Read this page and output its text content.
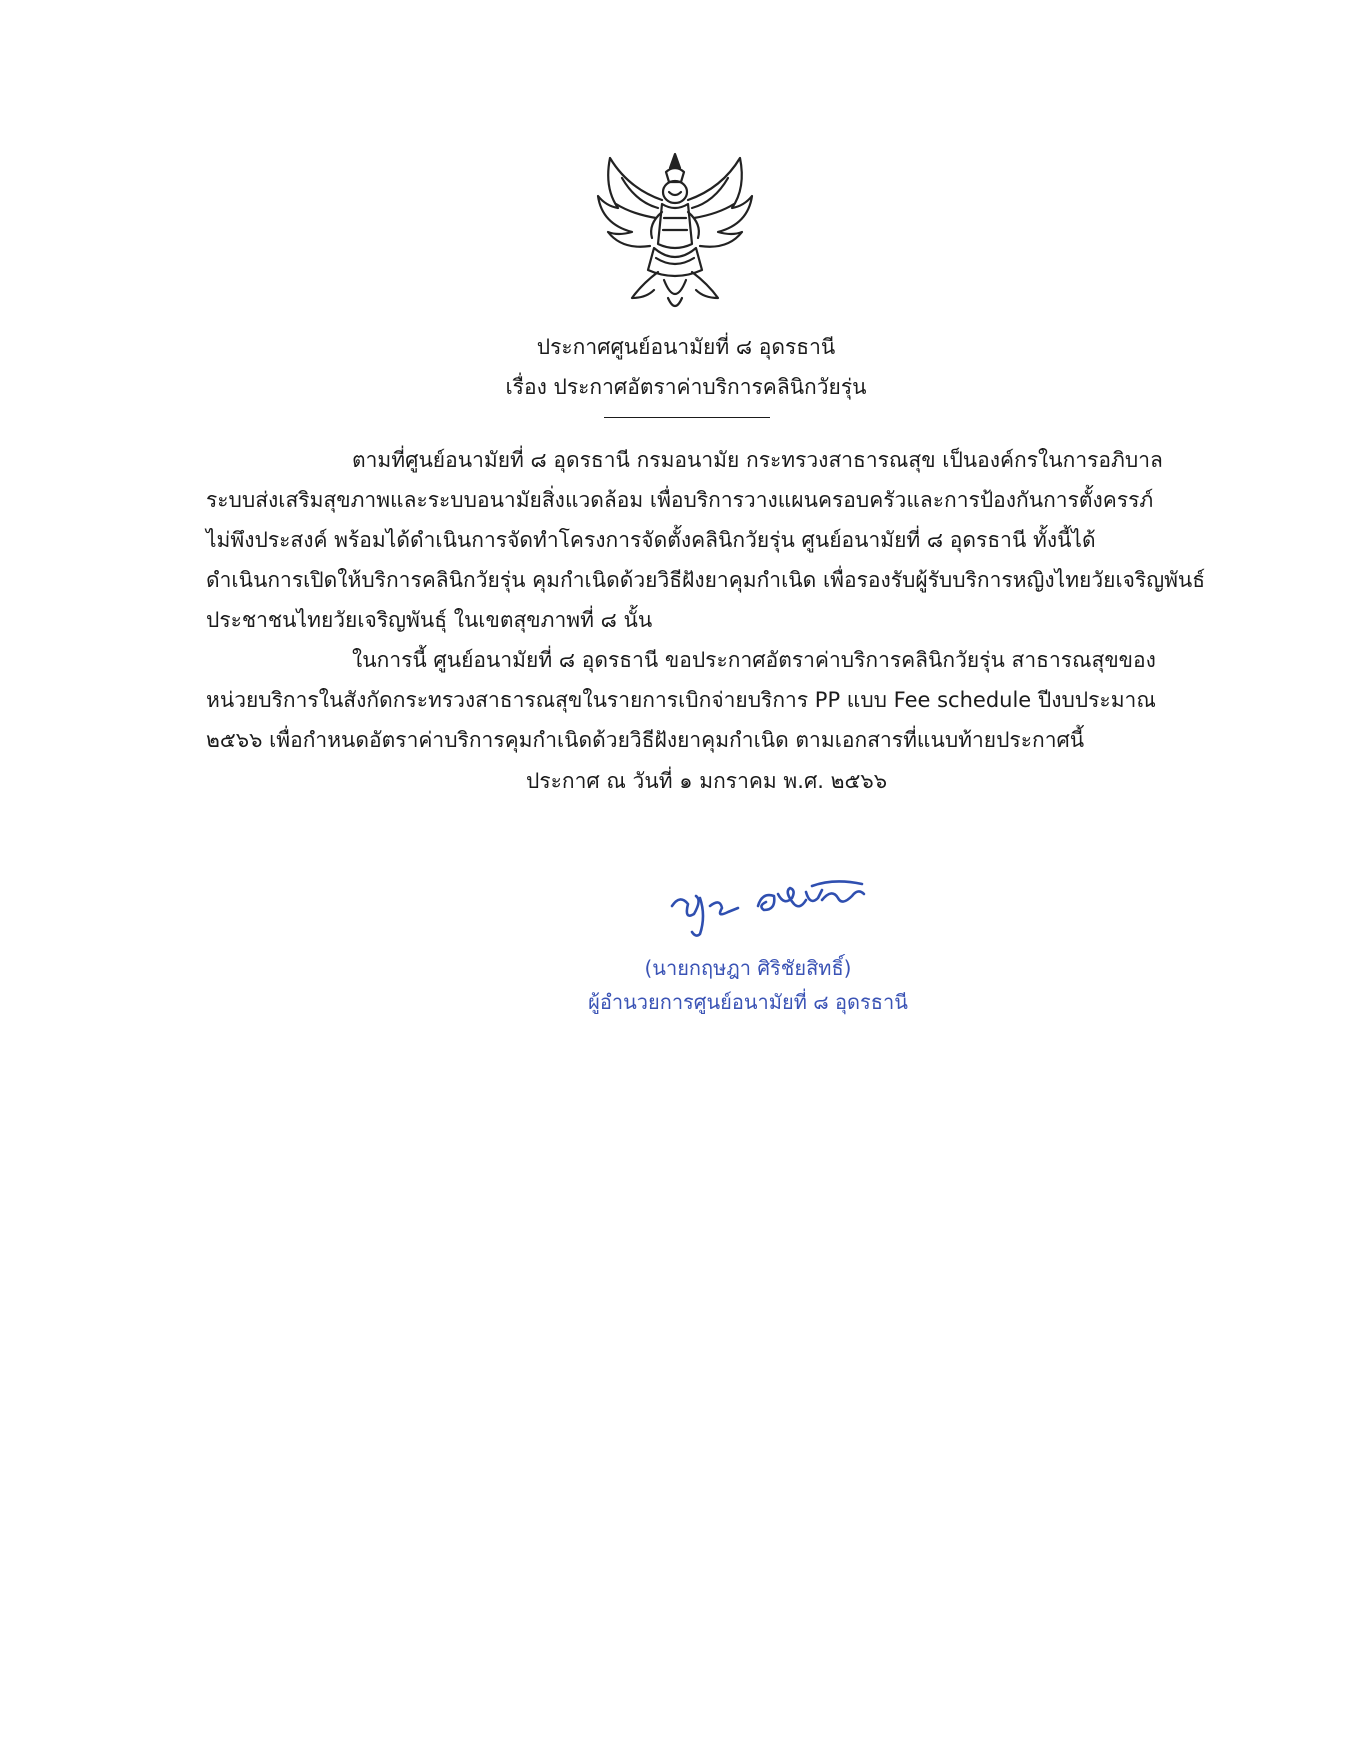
ประกาศศูนย์อนามัยที่ ๘ อุดรธานี
เรื่อง ประกาศอัตราค่าบริการคลินิกวัยรุ่น
ตามที่ศูนย์อนามัยที่ ๘ อุดรธานี กรมอนามัย กระทรวงสาธารณสุข เป็นองค์กรในการอภิบาล
ระบบส่งเสริมสุขภาพและระบบอนามัยสิ่งแวดล้อม เพื่อบริการวางแผนครอบครัวและการป้องกันการตั้งครรภ์
ไม่พึงประสงค์ พร้อมได้ดำเนินการจัดทำโครงการจัดตั้งคลินิกวัยรุ่น ศูนย์อนามัยที่ ๘ อุดรธานี ทั้งนี้ได้
ดำเนินการเปิดให้บริการคลินิกวัยรุ่น คุมกำเนิดด้วยวิธีฝังยาคุมกำเนิด เพื่อรองรับผู้รับบริการหญิงไทยวัยเจริญพันธ์
ประชาชนไทยวัยเจริญพันธุ์ ในเขตสุขภาพที่ ๘ นั้น
ในการนี้ ศูนย์อนามัยที่ ๘ อุดรธานี ขอประกาศอัตราค่าบริการคลินิกวัยรุ่น สาธารณสุขของ
หน่วยบริการในสังกัดกระทรวงสาธารณสุขในรายการเบิกจ่ายบริการ PP แบบ Fee schedule ปีงบประมาณ
๒๕๖๖ เพื่อกำหนดอัตราค่าบริการคุมกำเนิดด้วยวิธีฝังยาคุมกำเนิด ตามเอกสารที่แนบท้ายประกาศนี้
ประกาศ ณ วันที่ ๑ มกราคม พ.ศ. ๒๕๖๖
(นายกฤษฎา ศิริชัยสิทธิ์)
ผู้อำนวยการศูนย์อนามัยที่ ๘ อุดรธานี
